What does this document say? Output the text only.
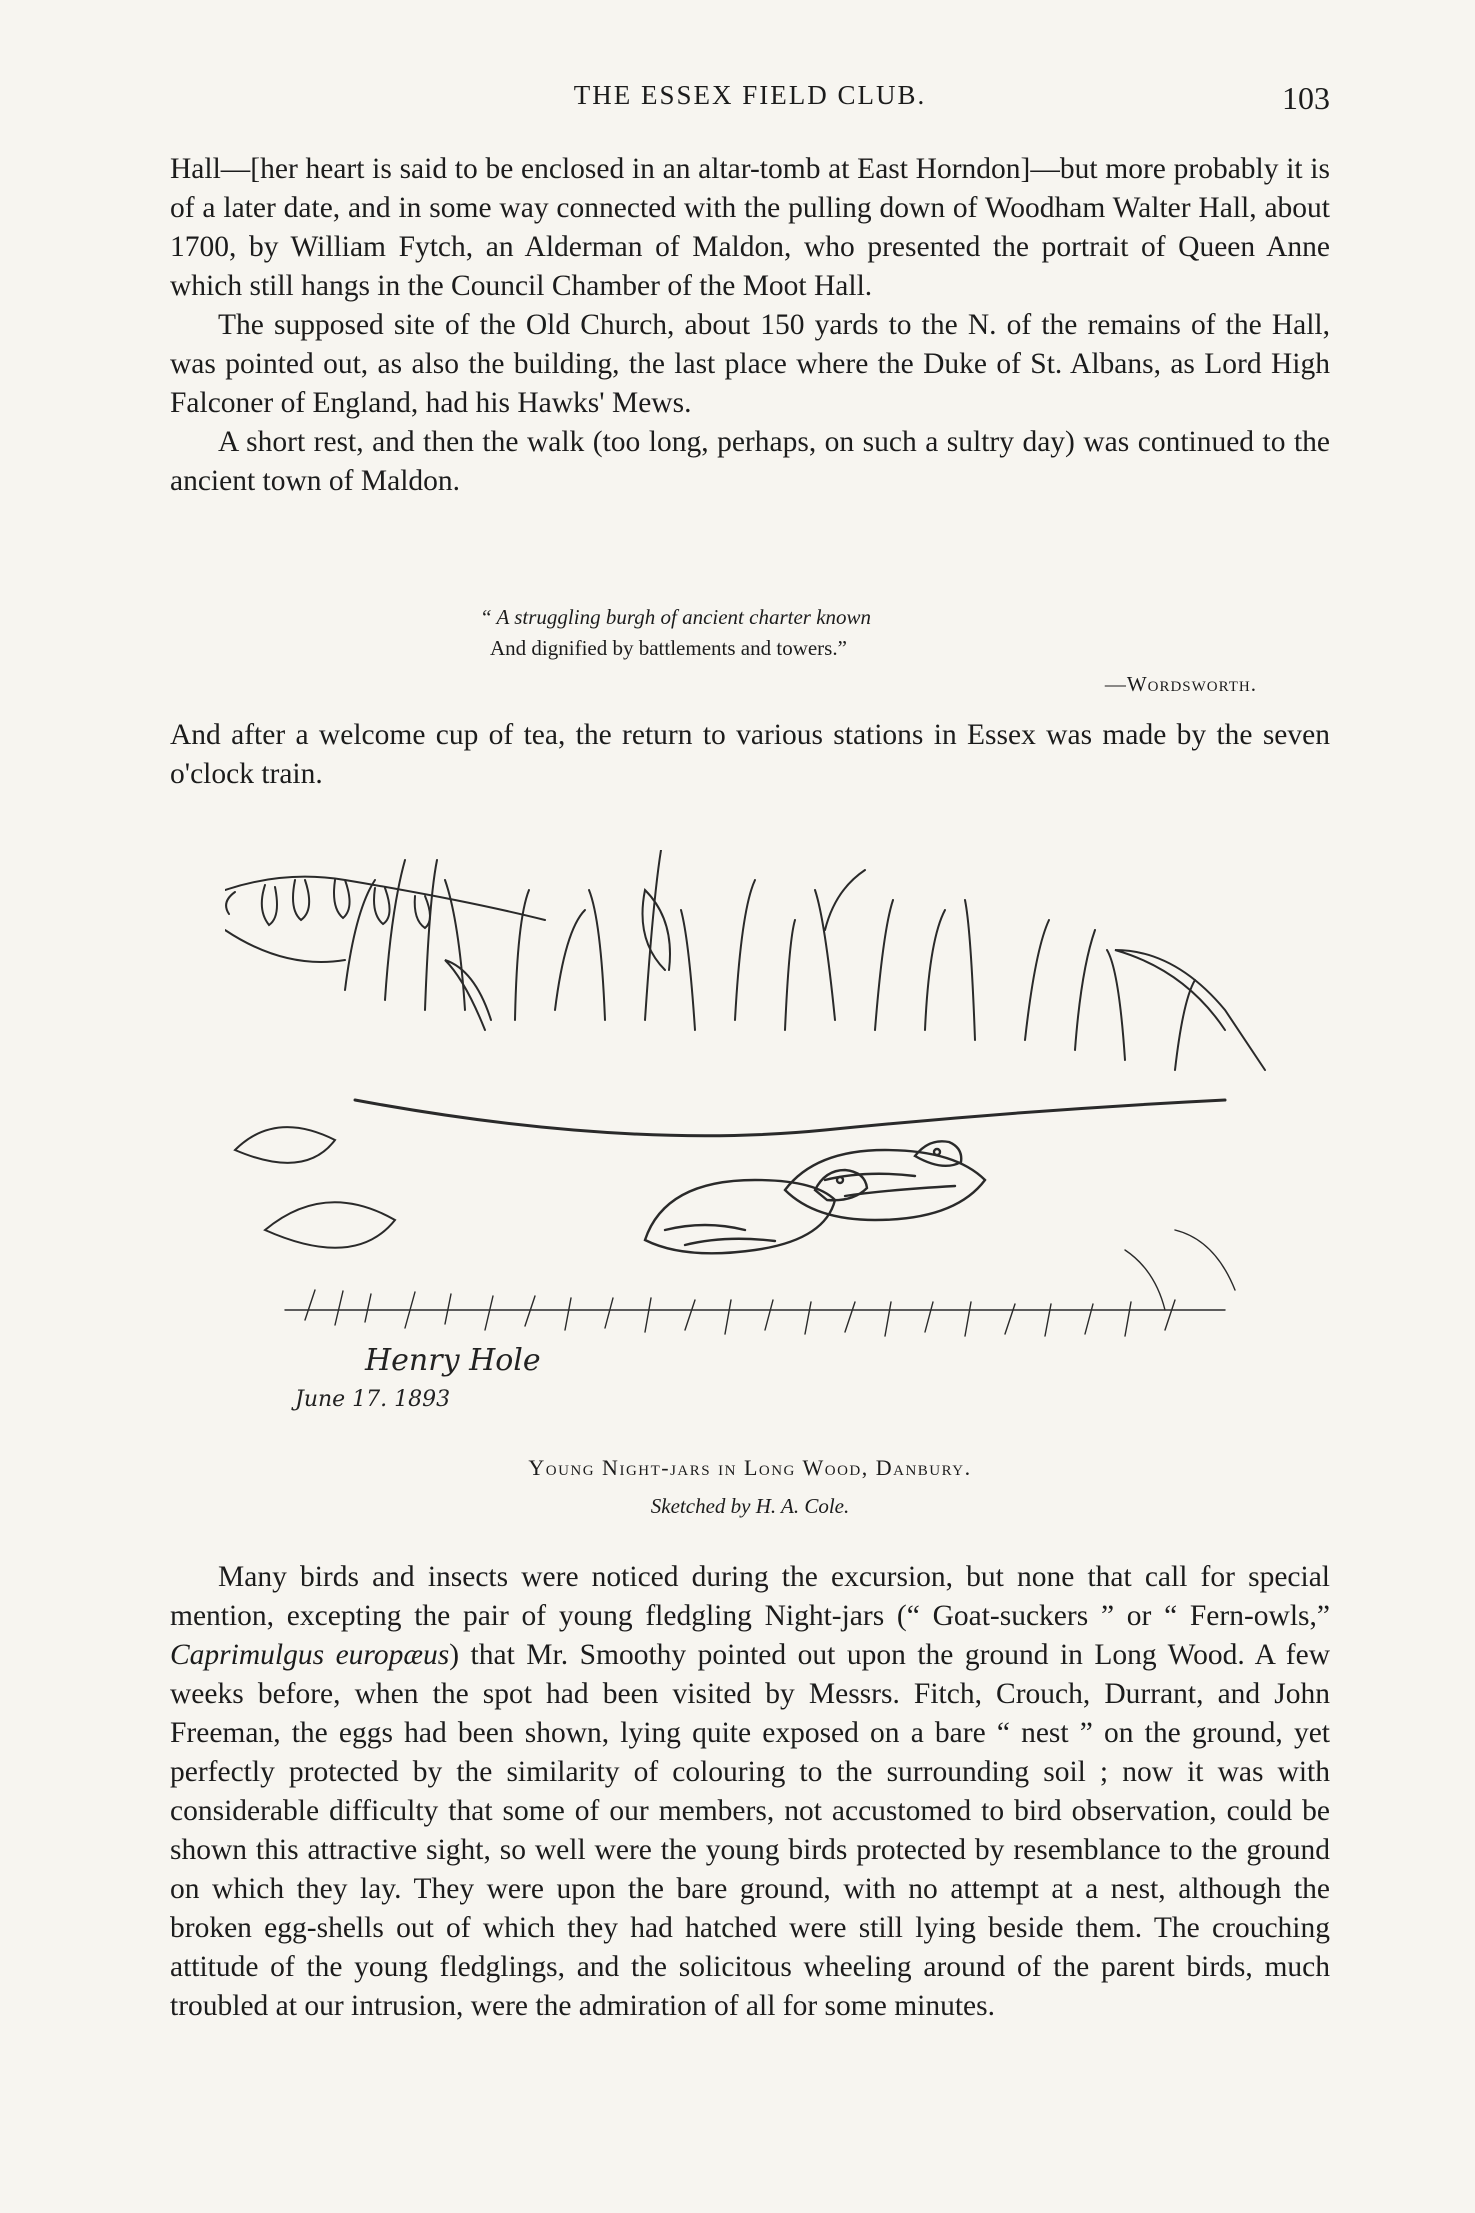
THE ESSEX FIELD CLUB.	103

Hall—[her heart is said to be enclosed in an altar-tomb at East Horndon]—but more probably it is of a later date, and in some way connected with the pulling down of Woodham Walter Hall, about 1700, by William Fytch, an Alderman of Maldon, who presented the portrait of Queen Anne which still hangs in the Council Chamber of the Moot Hall.

The supposed site of the Old Church, about 150 yards to the N. of the remains of the Hall, was pointed out, as also the building, the last place where the Duke of St. Albans, as Lord High Falconer of England, had his Hawks' Mews.

A short rest, and then the walk (too long, perhaps, on such a sultry day) was continued to the ancient town of Maldon.

“ A struggling burgh of ancient charter known
And dignified by battlements and towers.”
—Wordsworth.

And after a welcome cup of tea, the return to various stations in Essex was made by the seven o'clock train.

Henry Hole
June 17. 1893

Young Night-jars in Long Wood, Danbury.

Sketched by H. A. Cole.

Many birds and insects were noticed during the excursion, but none that call for special mention, excepting the pair of young fledgling Night-jars (“ Goat-suckers ” or “ Fern-owls,” Caprimulgus europæus) that Mr. Smoothy pointed out upon the ground in Long Wood. A few weeks before, when the spot had been visited by Messrs. Fitch, Crouch, Durrant, and John Freeman, the eggs had been shown, lying quite exposed on a bare “ nest ” on the ground, yet perfectly protected by the similarity of colouring to the surrounding soil ; now it was with considerable difficulty that some of our members, not accustomed to bird observation, could be shown this attractive sight, so well were the young birds protected by resemblance to the ground on which they lay. They were upon the bare ground, with no attempt at a nest, although the broken egg-shells out of which they had hatched were still lying beside them. The crouching attitude of the young fledglings, and the solicitous wheeling around of the parent birds, much troubled at our intrusion, were the admiration of all for some minutes.
